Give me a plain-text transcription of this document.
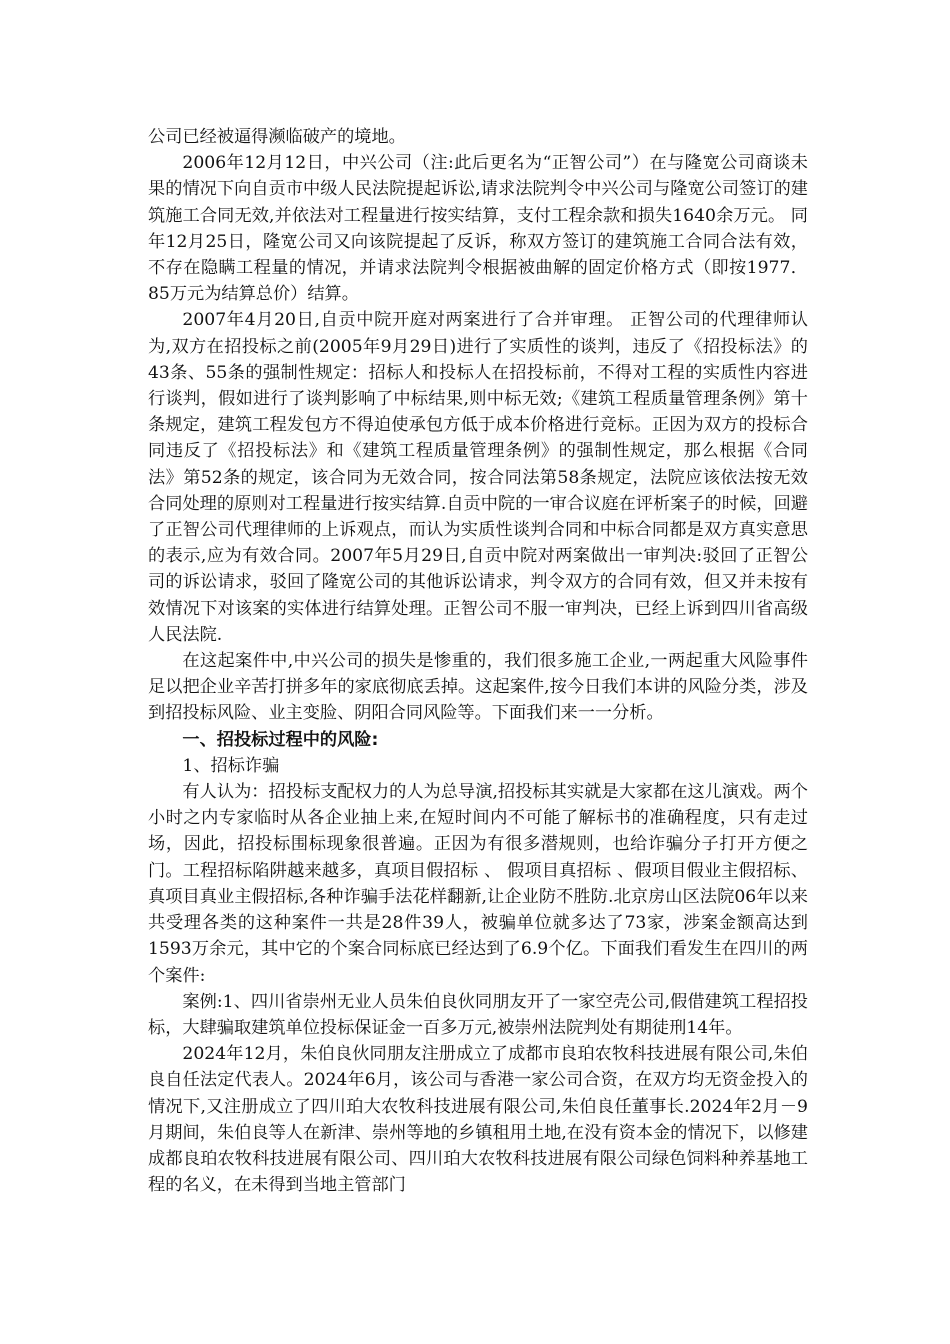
公司已经被逼得濒临破产的境地。

2006年12月12日，中兴公司（注:此后更名为“正智公司”）在与隆宽公司商谈未果的情况下向自贡市中级人民法院提起诉讼,请求法院判令中兴公司与隆宽公司签订的建筑施工合同无效,并依法对工程量进行按实结算，支付工程余款和损失1640余万元。 同年12月25日，隆宽公司又向该院提起了反诉，称双方签订的建筑施工合同合法有效，不存在隐瞒工程量的情况，并请求法院判令根据被曲解的固定价格方式（即按1977．85万元为结算总价）结算。

2007年4月20日,自贡中院开庭对两案进行了合并审理。 正智公司的代理律师认为,双方在招投标之前(2005年9月29日)进行了实质性的谈判，违反了《招投标法》的43条、55条的强制性规定：招标人和投标人在招投标前，不得对工程的实质性内容进行谈判，假如进行了谈判影响了中标结果,则中标无效;《建筑工程质量管理条例》第十条规定，建筑工程发包方不得迫使承包方低于成本价格进行竞标。正因为双方的投标合同违反了《招投标法》和《建筑工程质量管理条例》的强制性规定，那么根据《合同法》第52条的规定，该合同为无效合同，按合同法第58条规定，法院应该依法按无效合同处理的原则对工程量进行按实结算.自贡中院的一审合议庭在评析案子的时候，回避了正智公司代理律师的上诉观点，而认为实质性谈判合同和中标合同都是双方真实意思的表示,应为有效合同。2007年5月29日,自贡中院对两案做出一审判决:驳回了正智公司的诉讼请求，驳回了隆宽公司的其他诉讼请求，判令双方的合同有效，但又并未按有效情况下对该案的实体进行结算处理。正智公司不服一审判决，已经上诉到四川省高级人民法院.

在这起案件中,中兴公司的损失是惨重的，我们很多施工企业,一两起重大风险事件足以把企业辛苦打拼多年的家底彻底丢掉。这起案件,按今日我们本讲的风险分类，涉及到招投标风险、业主变脸、阴阳合同风险等。下面我们来一一分析。

一、招投标过程中的风险:

1、招标诈骗

有人认为：招投标支配权力的人为总导演,招投标其实就是大家都在这儿演戏。两个小时之内专家临时从各企业抽上来,在短时间内不可能了解标书的准确程度，只有走过场，因此，招投标围标现象很普遍。正因为有很多潜规则，也给诈骗分子打开方便之门。工程招标陷阱越来越多，真项目假招标 、 假项目真招标 、假项目假业主假招标、 真项目真业主假招标,各种诈骗手法花样翻新,让企业防不胜防.北京房山区法院06年以来共受理各类的这种案件一共是28件39人，被骗单位就多达了73家，涉案金额高达到1593万余元，其中它的个案合同标底已经达到了6.9个亿。下面我们看发生在四川的两个案件:

案例:1、四川省崇州无业人员朱伯良伙同朋友开了一家空壳公司,假借建筑工程招投标，大肆骗取建筑单位投标保证金一百多万元,被崇州法院判处有期徒刑14年。

2024年12月，朱伯良伙同朋友注册成立了成都市良珀农牧科技进展有限公司,朱伯良自任法定代表人。2024年6月，该公司与香港一家公司合资，在双方均无资金投入的情况下,又注册成立了四川珀大农牧科技进展有限公司,朱伯良任董事长.2024年2月－9月期间，朱伯良等人在新津、崇州等地的乡镇租用土地,在没有资本金的情况下，以修建成都良珀农牧科技进展有限公司、四川珀大农牧科技进展有限公司绿色饲料种养基地工程的名义，在未得到当地主管部门
